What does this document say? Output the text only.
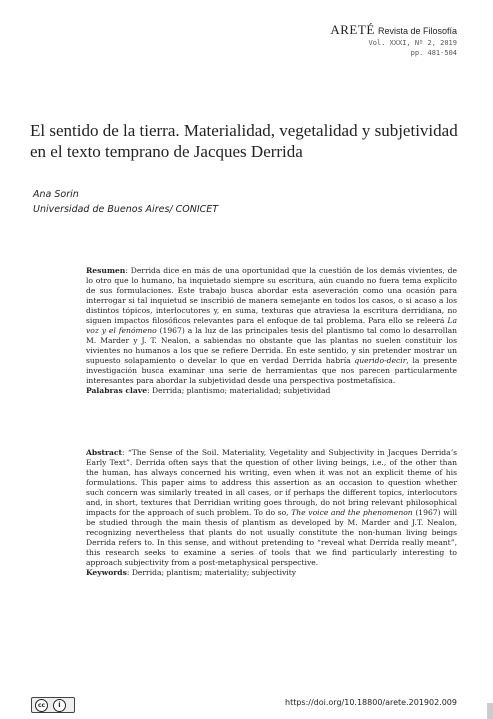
ARETÉ Revista de Filosofía
Vol. XXXI, Nº 2, 2019
pp. 481-504
El sentido de la tierra. Materialidad, vegetalidad y subjetividad en el texto temprano de Jacques Derrida
Ana Sorin
Universidad de Buenos Aires/ CONICET
Resumen: Derrida dice en más de una oportunidad que la cuestión de los demás vivientes, de lo otro que lo humano, ha inquietado siempre su escritura, aún cuando no fuera tema explícito de sus formulaciones. Este trabajo busca abordar esta aseveración como una ocasión para interrogar si tal inquietud se inscribió de manera semejante en todos los casos, o si acaso a los distintos tópicos, interlocutores y, en suma, texturas que atraviesa la escritura derridiana, no siguen impactos filosóficos relevantes para el enfoque de tal problema. Para ello se releerá La voz y el fenómeno (1967) a la luz de las principales tesis del plantismo tal como lo desarrollan M. Marder y J. T. Nealon, a sabiendas no obstante que las plantas no suelen constituir los vivientes no humanos a los que se refiere Derrida. En este sentido, y sin pretender mostrar un supuesto solapamiento o develar lo que en verdad Derrida habría querido-decir, la presente investigación busca examinar una serie de herramientas que nos parecen particularmente interesantes para abordar la subjetividad desde una perspectiva postmetafísica.
Palabras clave: Derrida; plantismo; materialidad; subjetividad
Abstract: “The Sense of the Soil. Materiality, Vegetality and Subjectivity in Jacques Derrida’s Early Text”. Derrida often says that the question of other living beings, i.e., of the other than the human, has always concerned his writing, even when it was not an explicit theme of his formulations. This paper aims to address this assertion as an occasion to question whether such concern was similarly treated in all cases, or if perhaps the different topics, interlocutors and, in short, textures that Derridian writing goes through, do not bring relevant philosophical impacts for the approach of such problem. To do so, The voice and the phenomenon (1967) will be studied through the main thesis of plantism as developed by M. Marder and J.T. Nealon, recognizing nevertheless that plants do not usually constitute the non-human living beings Derrida refers to. In this sense, and without pretending to “reveal what Derrida really meant”, this research seeks to examine a series of tools that we find particularly interesting to approach subjectivity from a post-metaphysical perspective.
Keywords: Derrida; plantism; materiality; subjectivity
cc	i	https://doi.org/10.18800/arete.201902.009
